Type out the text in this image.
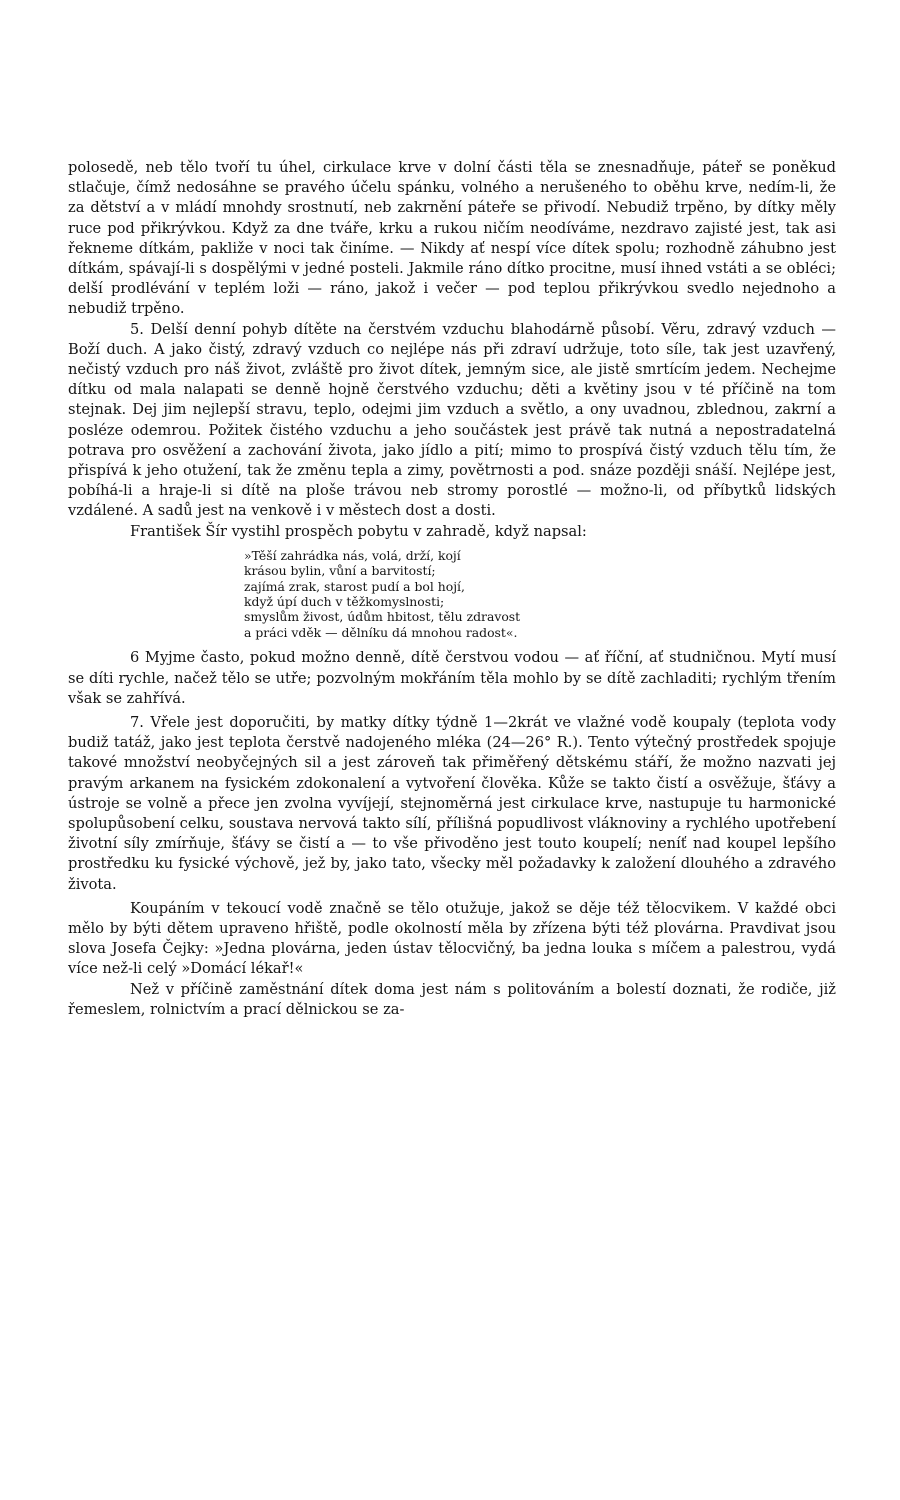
polosedě, neb tělo tvoří tu úhel, cirkulace krve v dolní části těla se znesnadňuje, páteř se poněkud stlačuje, čímž nedosáhne se pravého účelu spánku, volného a nerušeného to oběhu krve, nedím-li, že za dětství a v mládí mnohdy srostnutí, neb zakrnění páteře se přivodí. Nebudiž trpěno, by dítky měly ruce pod přikrývkou. Když za dne tváře, krku a rukou ničím neodíváme, nezdravo zajisté jest, tak asi řekneme dítkám, pakliže v noci tak činíme. — Nikdy ať nespí více dítek spolu; rozhodně záhubno jest dítkám, spávají-li s dospělými v jedné posteli. Jakmile ráno dítko procitne, musí ihned vstáti a se obléci; delší prodlévání v teplém loži — ráno, jakož i večer — pod teplou přikrývkou svedlo nejednoho a nebudiž trpěno.

5. Delší denní pohyb dítěte na čerstvém vzduchu blahodárně působí. Věru, zdravý vzduch — Boží duch. A jako čistý, zdravý vzduch co nejlépe nás při zdraví udržuje, toto síle, tak jest uzavřený, nečistý vzduch pro náš život, zvláště pro život dítek, jemným sice, ale jistě smrtícím jedem. Nechejme dítku od mala nalapati se denně hojně čerstvého vzduchu; děti a květiny jsou v té příčině na tom stejnak. Dej jim nejlepší stravu, teplo, odejmi jim vzduch a světlo, a ony uvadnou, zblednou, zakrní a posléze odemrou. Požitek čistého vzduchu a jeho součástek jest právě tak nutná a nepostradatelná potrava pro osvěžení a zachování života, jako jídlo a pití; mimo to prospívá čistý vzduch tělu tím, že přispívá k jeho otužení, tak že změnu tepla a zimy, povětrnosti a pod. snáze později snáší. Nejlépe jest, pobíhá-li a hraje-li si dítě na ploše trávou neb stromy porostlé — možno-li, od příbytků lidských vzdálené. A sadů jest na venkově i v městech dost a dosti.

František Šír vystihl prospěch pobytu v zahradě, když napsal:

»Těší zahrádka nás, volá, drží, kojí
krásou bylin, vůní a barvitostí;
zajímá zrak, starost pudí a bol hojí,
když úpí duch v těžkomyslnosti;
smyslům živost, údům hbitost, tělu zdravost
a práci vděk — dělníku dá mnohou radost«.

6 Myjme často, pokud možno denně, dítě čerstvou vodou — ať říční, ať studničnou. Mytí musí se díti rychle, načež tělo se utře; pozvolným mokřáním těla mohlo by se dítě zachladiti; rychlým třením však se zahřívá.

7. Vřele jest doporučiti, by matky dítky týdně 1—2krát ve vlažné vodě koupaly (teplota vody budiž tatáž, jako jest teplota čerstvě nadojeného mléka (24—26° R.). Tento výtečný prostředek spojuje takové množství neobyčejných sil a jest zároveň tak přiměřený dětskému stáří, že možno nazvati jej pravým arkanem na fysickém zdokonalení a vytvoření člověka. Kůže se takto čistí a osvěžuje, šťávy a ústroje se volně a přece jen zvolna vyvíjejí, stejnoměrná jest cirkulace krve, nastupuje tu harmonické spolupůsobení celku, soustava nervová takto sílí, přílišná popudlivost vláknoviny a rychlého upotřebení životní síly zmírňuje, šťávy se čistí a — to vše přivoděno jest touto koupelí; neníť nad koupel lepšího prostředku ku fysické výchově, jež by, jako tato, všecky měl požadavky k založení dlouhého a zdravého života.

Koupáním v tekoucí vodě značně se tělo otužuje, jakož se děje též tělocvikem. V každé obci mělo by býti dětem upraveno hřiště, podle okolností měla by zřízena býti též plovárna. Pravdivat jsou slova Josefa Čejky: »Jedna plovárna, jeden ústav tělocvičný, ba jedna louka s míčem a palestrou, vydá více než-li celý »Domácí lékař!«

Než v příčině zaměstnání dítek doma jest nám s politováním a bolestí doznati, že rodiče, již řemeslem, rolnictvím a prací dělnickou se za-
